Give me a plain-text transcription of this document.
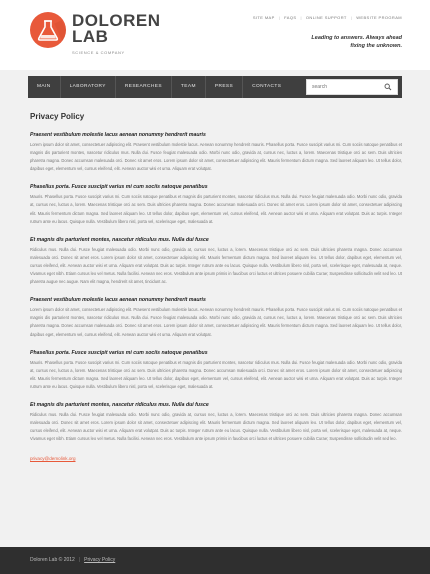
DOLOREN
LAB
SCIENCE & COMPANY
SITE MAP | FAQS | ONLINE SUPPORT | WEBSITE PROGRAM
Leading to answers. Always ahead
fixing the unknown.
MAIN	LABORATORY	RESEARCHES	TEAM	PRESS	CONTACTS
search
Privacy Policy
Praesent vestibulum molestie lacus aenean nonummy hendrerit mauris
Lorem ipsum dolor sit amet, consectetuer adipiscing elit. Praesent vestibulum molestie lacus. Aenean nonummy hendrerit mauris. Phasellus porta. Fusce suscipit varius mi. Cum sociis natoque penatibus et magnis dis parturient montes, nascetur ridiculus mus. Nulla dui. Fusce feugiat malesuada odio. Morbi nunc odio, gravida at, cursus nec, luctus a, lorem. Maecenas tristique orci ac sem. Duis ultricies pharetra magna. Donec accumsan malesuada orci. Donec sit amet eros. Lorem ipsum dolor sit amet, consectetuer adipiscing elit. Mauris fermentum dictum magna. Sed laoreet aliquam leo. Ut tellus dolor, dapibus eget, elementum vel, cursus eleifend, elit. Aenean auctor wisi et urna. Aliquam erat volutpat.
Phasellus porta. Fusce suscipit varius mi cum sociis natoque penatibus
Mauris. Phasellus porta. Fusce suscipit varius mi. Cum sociis natoque penatibus et magnis dis parturient montes, nascetur ridiculus mus. Nulla dui. Fusce feugiat malesuada odio. Morbi nunc odio, gravida at, cursus nec, luctus a, lorem. Maecenas tristique orci ac sem. Duis ultricies pharetra magna. Donec accumsan malesuada orci. Donec sit amet eros. Lorem ipsum dolor sit amet, consectetuer adipiscing elit. Mauris fermentum dictum magna. Sed laoreet aliquam leo. Ut tellus dolor, dapibus eget, elementum vel, cursus eleifend, elit. Aenean auctor wisi et urna. Aliquam erat volutpat. Duis ac turpis. Integer rutrum ante eu lacus. Quisque nulla. Vestibulum libero nisl, porta vel, scelerisque eget, malesuada at.
Et magnis dis parturient montes, nascetur ridiculus mus. Nulla dui fusce
Ridiculus mus. Nulla dui. Fusce feugiat malesuada odio. Morbi nunc odio, gravida at, cursus nec, luctus a, lorem. Maecenas tristique orci ac sem. Duis ultricies pharetra magna. Donec accumsan malesuada orci. Donec sit amet eros. Lorem ipsum dolor sit amet, consectetuer adipiscing elit. Mauris fermentum dictum magna. Sed laoreet aliquam leo. Ut tellus dolor, dapibus eget, elementum vel, cursus eleifend, elit. Aenean auctor wisi et urna. Aliquam erat volutpat. Duis ac turpis. Integer rutrum ante eu lacus. Quisque nulla. Vestibulum libero nisl, porta vel, scelerisque eget, malesuada at, neque. Vivamus eget nibh. Etiam cursus leo vel metus. Nulla facilisi. Aenean nec eros. Vestibulum ante ipsum primis in faucibus orci luctus et ultrices posuere cubilia Curae; Suspendisse sollicitudin velit sed leo. Ut pharetra augue nec augue. Nam elit magna, hendrerit sit amet, tincidunt ac.
Praesent vestibulum molestie lacus aenean nonummy hendrerit mauris
Lorem ipsum dolor sit amet, consectetuer adipiscing elit. Praesent vestibulum molestie lacus. Aenean nonummy hendrerit mauris. Phasellus porta. Fusce suscipit varius mi. Cum sociis natoque penatibus et magnis dis parturient montes, nascetur ridiculus mus. Nulla dui. Fusce feugiat malesuada odio. Morbi nunc odio, gravida at, cursus nec, luctus a, lorem. Maecenas tristique orci ac sem. Duis ultricies pharetra magna. Donec accumsan malesuada orci. Donec sit amet eros. Lorem ipsum dolor sit amet, consectetuer adipiscing elit. Mauris fermentum dictum magna. Sed laoreet aliquam leo. Ut tellus dolor, dapibus eget, elementum vel, cursus eleifend, elit. Aenean auctor wisi et urna. Aliquam erat volutpat.
Phasellus porta. Fusce suscipit varius mi cum sociis natoque penatibus
Mauris. Phasellus porta. Fusce suscipit varius mi. Cum sociis natoque penatibus et magnis dis parturient montes, nascetur ridiculus mus. Nulla dui. Fusce feugiat malesuada odio. Morbi nunc odio, gravida at, cursus nec, luctus a, lorem. Maecenas tristique orci ac sem. Duis ultricies pharetra magna. Donec accumsan malesuada orci. Donec sit amet eros. Lorem ipsum dolor sit amet, consectetuer adipiscing elit. Mauris fermentum dictum magna. Sed laoreet aliquam leo. Ut tellus dolor, dapibus eget, elementum vel, cursus eleifend, elit. Aenean auctor wisi et urna. Aliquam erat volutpat. Duis ac turpis. Integer rutrum ante eu lacus. Quisque nulla. Vestibulum libero nisl, porta vel, scelerisque eget, malesuada at.
Et magnis dis parturient montes, nascetur ridiculus mus. Nulla dui fusce
Ridiculus mus. Nulla dui. Fusce feugiat malesuada odio. Morbi nunc odio, gravida at, cursus nec, luctus a, lorem. Maecenas tristique orci ac sem. Duis ultricies pharetra magna. Donec accumsan malesuada orci. Donec sit amet eros. Lorem ipsum dolor sit amet, consectetuer adipiscing elit. Mauris fermentum dictum magna. Sed laoreet aliquam leo. Ut tellus dolor, dapibus eget, elementum vel, cursus eleifend, elit. Aenean auctor wisi et urna. Aliquam erat volutpat. Duis ac turpis. Integer rutrum ante eu lacus. Quisque nulla. Vestibulum libero nisl, porta vel, scelerisque eget, malesuada at, neque. Vivamus eget nibh. Etiam cursus leo vel metus. Nulla facilisi. Aenean nec eros. Vestibulum ante ipsum primis in faucibus orci luctus et ultrices posuere cubilia Curae; Suspendisse sollicitudin velit sed leo.
privacy@demolink.org
Doloren Lab © 2012 | Privacy Policy
